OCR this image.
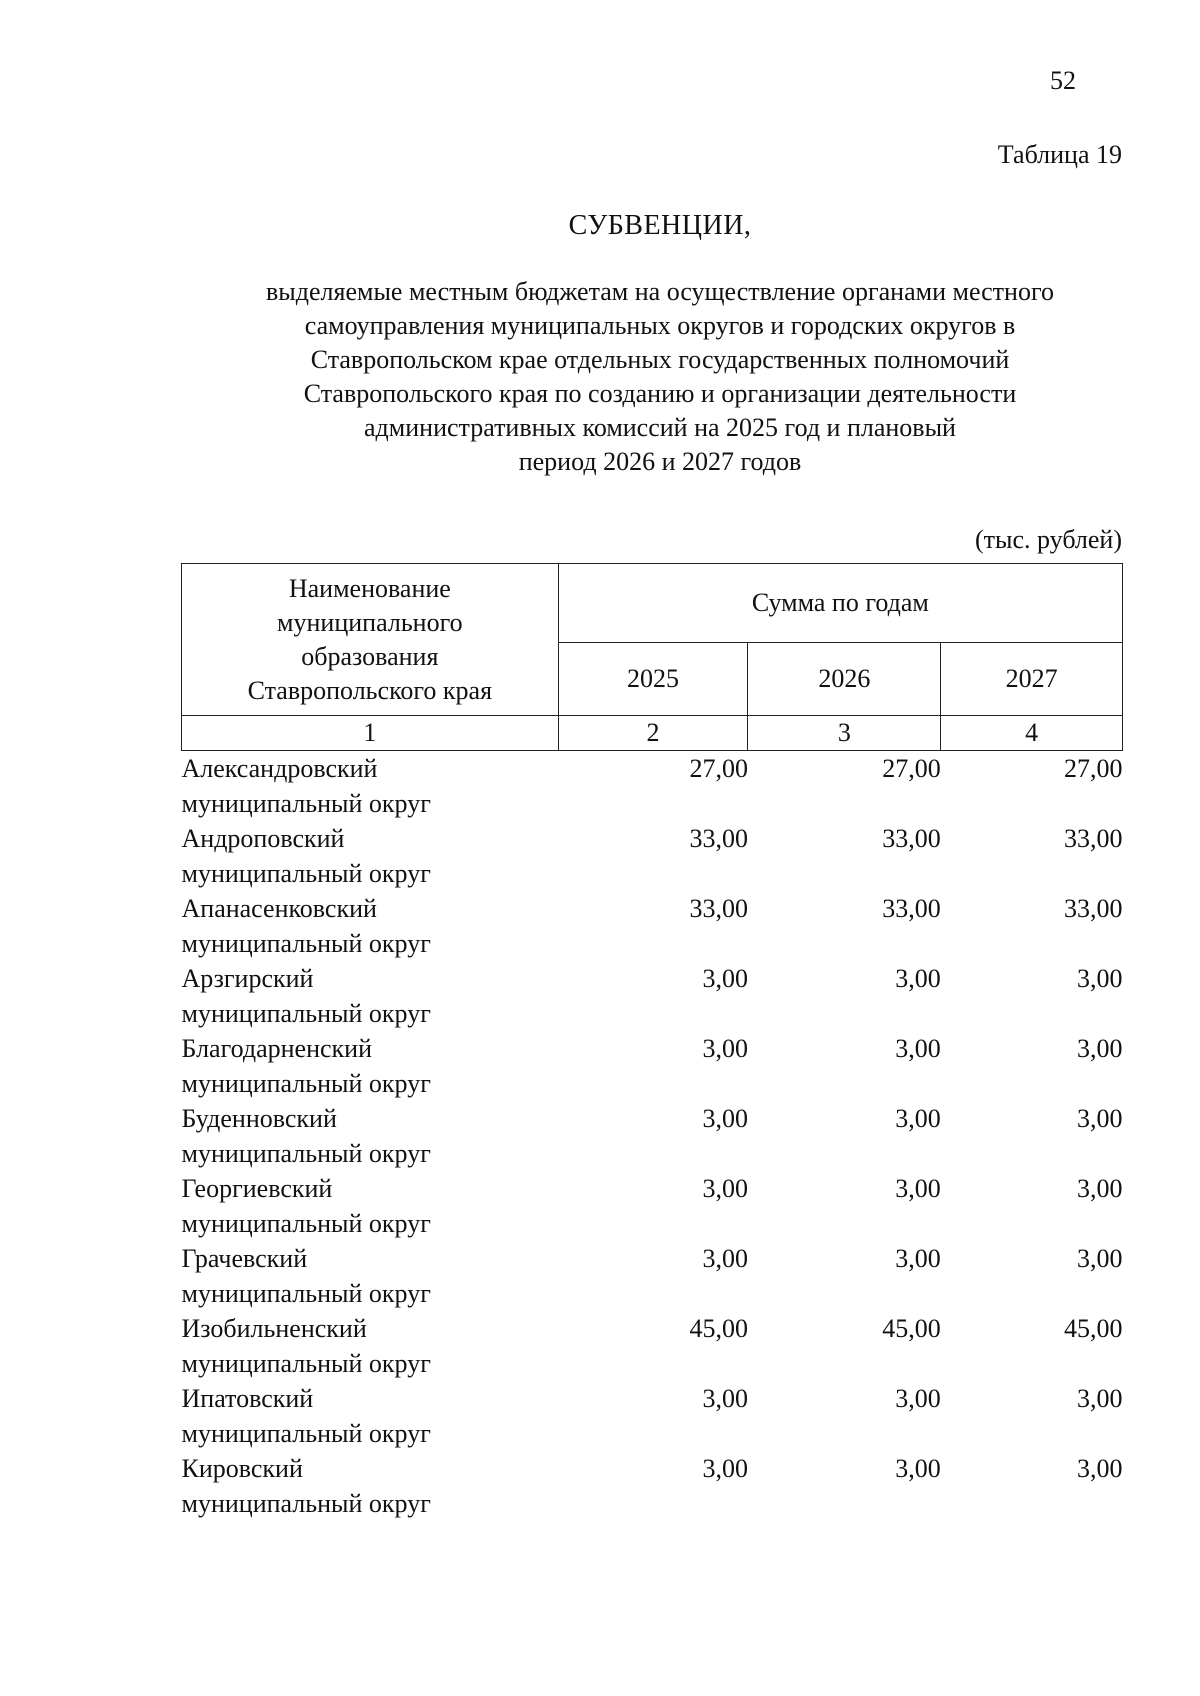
52
Таблица 19
СУБВЕНЦИИ,
выделяемые местным бюджетам на осуществление органами местного
самоуправления муниципальных округов и городских округов в
Ставропольском крае отдельных государственных полномочий
Ставропольского края по созданию и организации деятельности
административных комиссий на 2025 год и плановый
период 2026 и 2027 годов
(тыс. рублей)
Наименование
муниципального
образования
Ставропольского края	Сумма по годам		
	2025	2026	2027
1	2	3	4

Александровский
муниципальный округ	27,00	27,00	27,00

Андроповский
муниципальный округ	33,00	33,00	33,00

Апанасенковский
муниципальный округ	33,00	33,00	33,00

Арзгирский
муниципальный округ	3,00	3,00	3,00

Благодарненский
муниципальный округ	3,00	3,00	3,00

Буденновский
муниципальный округ	3,00	3,00	3,00

Георгиевский
муниципальный округ	3,00	3,00	3,00

Грачевский
муниципальный округ	3,00	3,00	3,00

Изобильненский
муниципальный округ	45,00	45,00	45,00

Ипатовский
муниципальный округ	3,00	3,00	3,00

Кировский
муниципальный округ	3,00	3,00	3,00
